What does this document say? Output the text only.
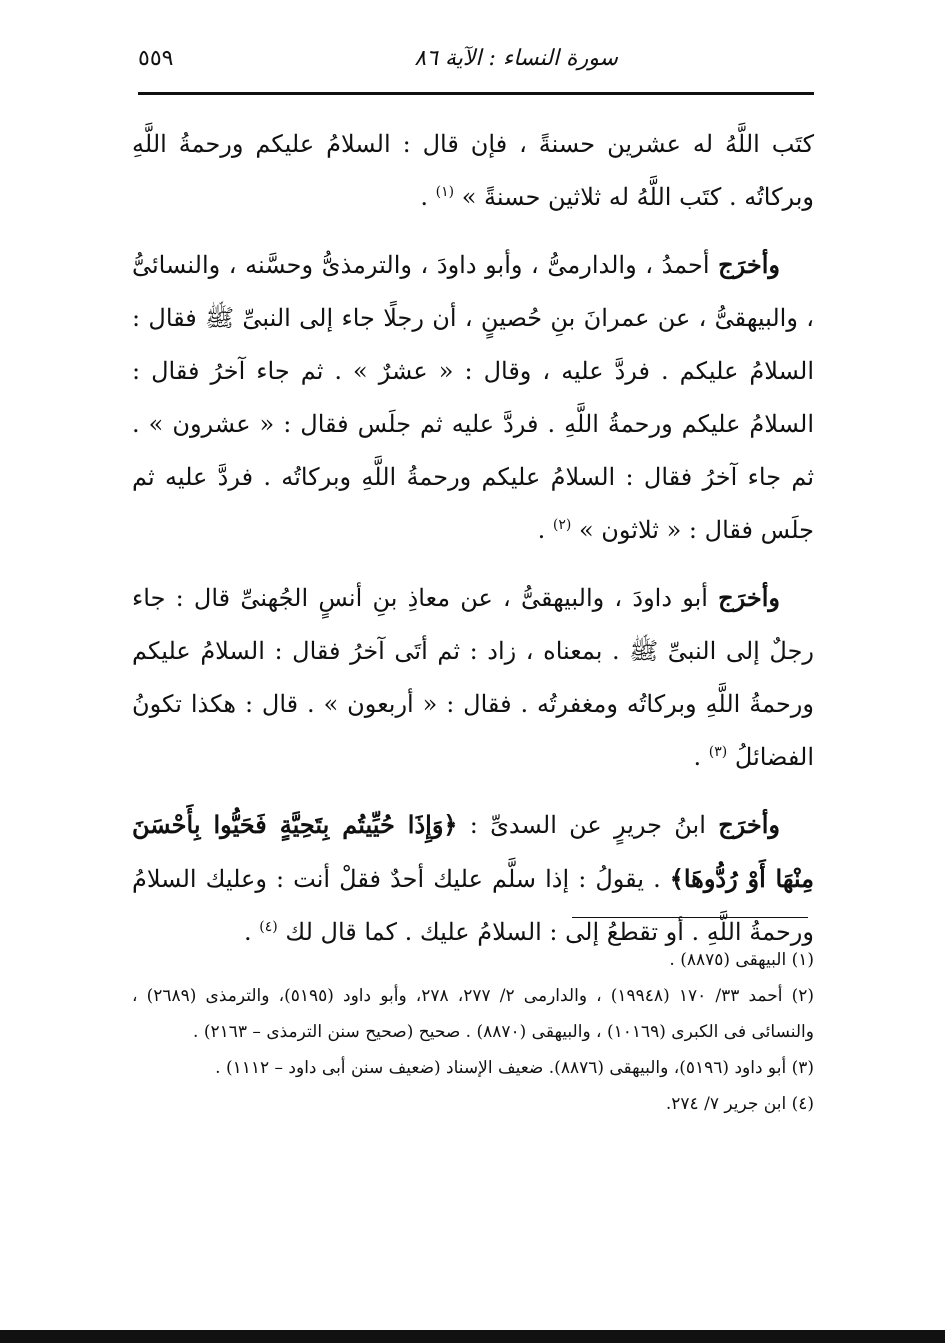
سورة النساء : الآية ٨٦
٥٥٩

كتَب اللَّهُ له عشرين حسنةً ، فإن قال : السلامُ عليكم ورحمةُ اللَّهِ وبركاتُه . كتَب اللَّهُ له ثلاثين حسنةً » $^{(١)}$ .

وأخرَج أحمدُ ، والدارمىُّ ، وأبو داودَ ، والترمذىُّ وحسَّنه ، والنسائىُّ ، والبيهقىُّ ، عن عمرانَ بنِ حُصينٍ ، أن رجلًا جاء إلى النبىِّ ﷺ فقال : السلامُ عليكم . فردَّ عليه ، وقال : « عشرٌ » . ثم جاء آخرُ فقال : السلامُ عليكم ورحمةُ اللَّهِ . فردَّ عليه ثم جلَس فقال : « عشرون » . ثم جاء آخرُ فقال : السلامُ عليكم ورحمةُ اللَّهِ وبركاتُه . فردَّ عليه ثم جلَس فقال : « ثلاثون » $^{(٢)}$ .

وأخرَج أبو داودَ ، والبيهقىُّ ، عن معاذِ بنِ أنسٍ الجُهنىِّ قال : جاء رجلٌ إلى النبىِّ ﷺ . بمعناه ، زاد : ثم أتَى آخرُ فقال : السلامُ عليكم ورحمةُ اللَّهِ وبركاتُه ومغفرتُه . فقال : « أربعون » . قال : هكذا تكونُ الفضائلُ $^{(٣)}$ .

وأخرَج ابنُ جريرٍ عن السدىِّ : ﴿وَإِذَا حُيِّيتُم بِتَحِيَّةٍ فَحَيُّوا بِأَحْسَنَ مِنْهَا أَوْ رُدُّوهَا﴾ . يقولُ : إذا سلَّم عليك أحدٌ فقلْ أنت : وعليك السلامُ ورحمةُ اللَّهِ . أو تقطعُ إلى : السلامُ عليك . كما قال لك $^{(٤)}$ .

(١) البيهقى (٨٨٧٥) .

(٢) أحمد ٣٣/ ١٧٠ (١٩٩٤٨) ، والدارمى ٢/ ٢٧٧، ٢٧٨، وأبو داود (٥١٩٥)، والترمذى (٢٦٨٩) ، والنسائى فى الكبرى (١٠١٦٩) ، والبيهقى (٨٨٧٠) . صحيح (صحيح سنن الترمذى – ٢١٦٣) .

(٣) أبو داود (٥١٩٦)، والبيهقى (٨٨٧٦). ضعيف الإسناد (ضعيف سنن أبى داود – ١١١٢) .

(٤) ابن جرير ٧/ ٢٧٤.
